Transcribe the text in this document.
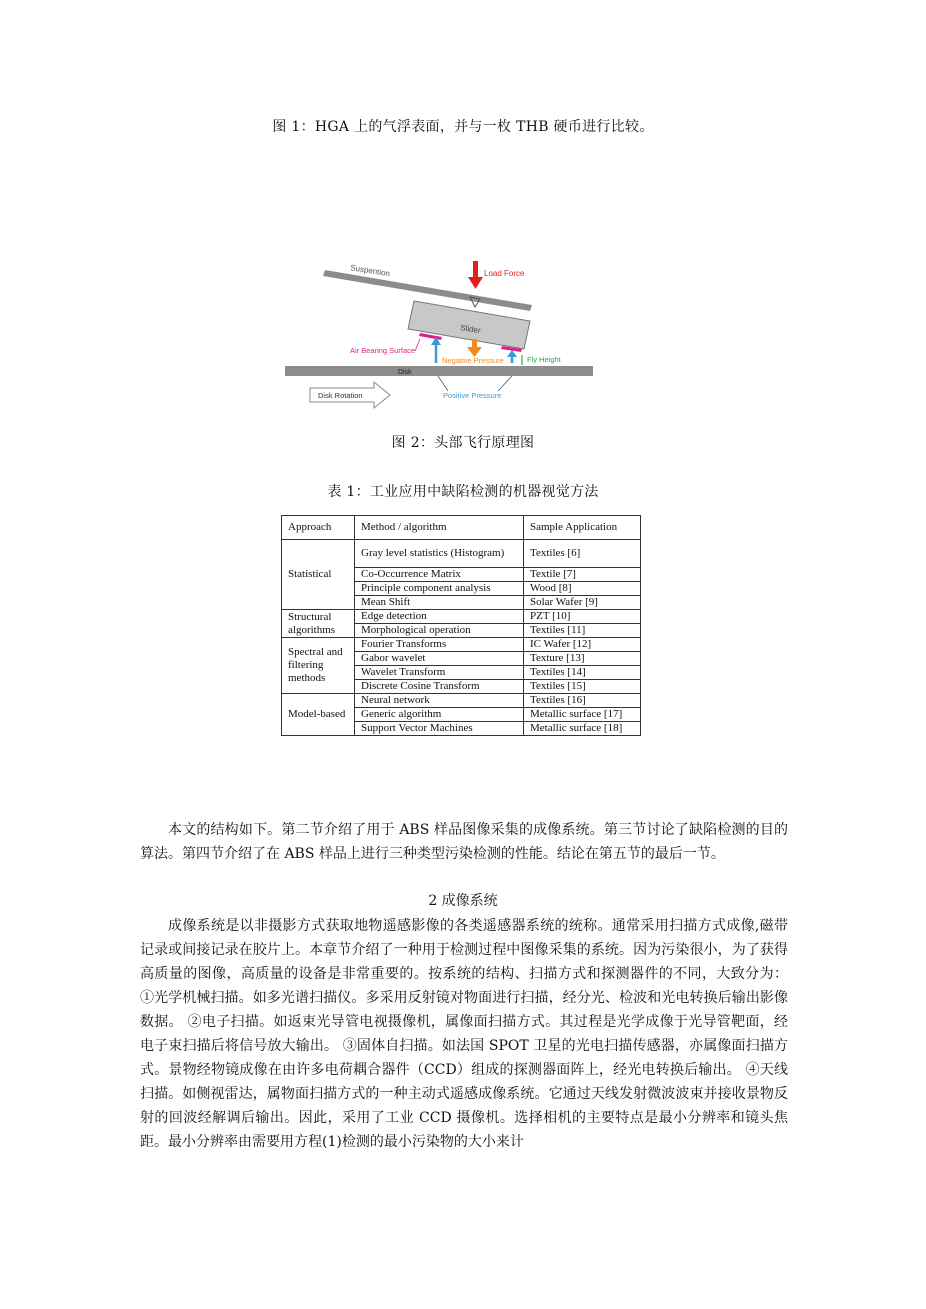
图 1：HGA 上的气浮表面，并与一枚 THB 硬币进行比较。
Suspention	Load Force
Slider
Air Bearing Surface
Negative Pressure	Fly Height
Disk
Positive Pressure
Disk Rotation
图 2：头部飞行原理图
表 1：工业应用中缺陷检测的机器视觉方法
Approach	Method / algorithm	Sample Application
Statistical	Gray level statistics (Histogram)	Textiles [6]
	Co-Occurrence Matrix	Textile [7]
	Principle component analysis	Wood [8]
	Mean Shift	Solar Wafer [9]
Structural algorithms	Edge detection	PZT [10]
	Morphological operation	Textiles [11]
Spectral and filtering methods	Fourier Transforms	IC Wafer [12]
	Gabor wavelet	Texture [13]
	Wavelet Transform	Textiles [14]
	Discrete Cosine Transform	Textiles [15]
Model-based	Neural network	Textiles [16]
	Generic algorithm	Metallic surface [17]
	Support Vector Machines	Metallic surface [18]

本文的结构如下。第二节介绍了用于 ABS 样品图像采集的成像系统。第三节讨论了缺陷检测的目的算法。第四节介绍了在 ABS 样品上进行三种类型污染检测的性能。结论在第五节的最后一节。

2 成像系统

成像系统是以非摄影方式获取地物遥感影像的各类遥感器系统的统称。通常采用扫描方式成像,磁带记录或间接记录在胶片上。本章节介绍了一种用于检测过程中图像采集的系统。因为污染很小，为了获得高质量的图像，高质量的设备是非常重要的。按系统的结构、扫描方式和探测器件的不同，大致分为： ①光学机械扫描。如多光谱扫描仪。多采用反射镜对物面进行扫描，经分光、检波和光电转换后输出影像数据。 ②电子扫描。如返束光导管电视摄像机，属像面扫描方式。其过程是光学成像于光导管靶面，经电子束扫描后将信号放大输出。 ③固体自扫描。如法国 SPOT 卫星的光电扫描传感器，亦属像面扫描方式。景物经物镜成像在由许多电荷耦合器件（CCD）组成的探测器面阵上，经光电转换后输出。 ④天线扫描。如侧视雷达，属物面扫描方式的一种主动式遥感成像系统。它通过天线发射微波波束并接收景物反射的回波经解调后输出。因此，采用了工业 CCD 摄像机。选择相机的主要特点是最小分辨率和镜头焦距。最小分辨率由需要用方程(1)检测的最小污染物的大小来计
